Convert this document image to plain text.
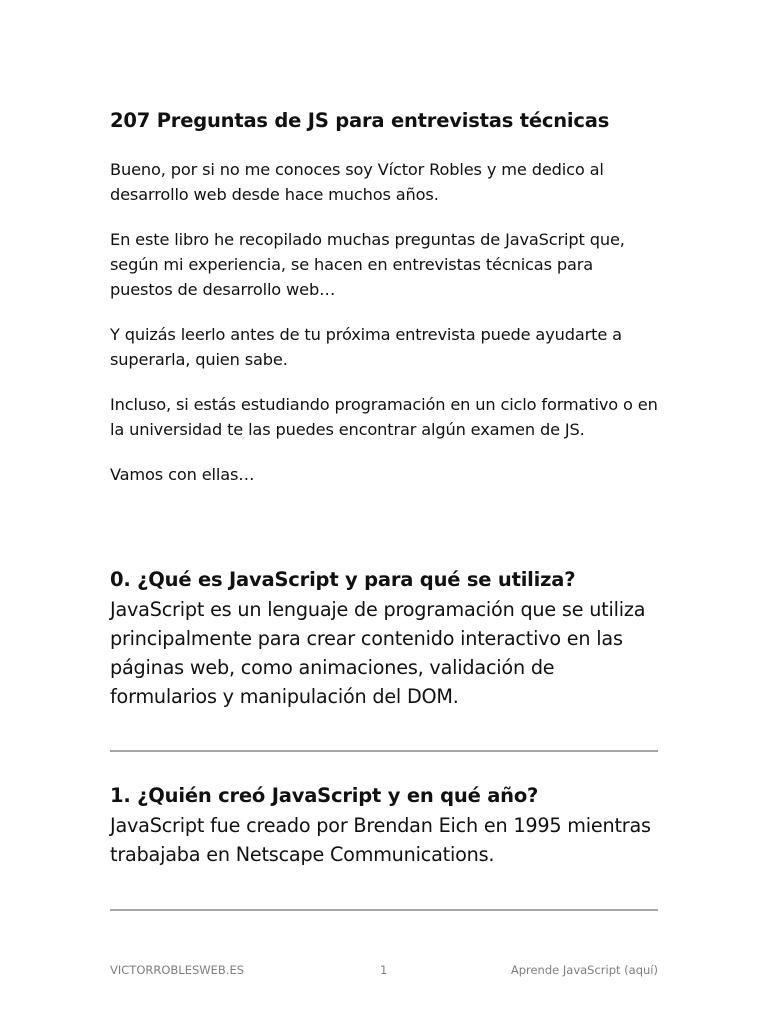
207 Preguntas de JS para entrevistas técnicas

Bueno, por si no me conoces soy Víctor Robles y me dedico al desarrollo web desde hace muchos años.

En este libro he recopilado muchas preguntas de JavaScript que, según mi experiencia, se hacen en entrevistas técnicas para puestos de desarrollo web…

Y quizás leerlo antes de tu próxima entrevista puede ayudarte a superarla, quien sabe.

Incluso, si estás estudiando programación en un ciclo formativo o en la universidad te las puedes encontrar algún examen de JS.

Vamos con ellas…

0. ¿Qué es JavaScript y para qué se utiliza?

JavaScript es un lenguaje de programación que se utiliza principalmente para crear contenido interactivo en las páginas web, como animaciones, validación de formularios y manipulación del DOM.

1. ¿Quién creó JavaScript y en qué año?

JavaScript fue creado por Brendan Eich en 1995 mientras trabajaba en Netscape Communications.

VICTORROBLESWEB.ES	1	Aprende JavaScript (aquí)
